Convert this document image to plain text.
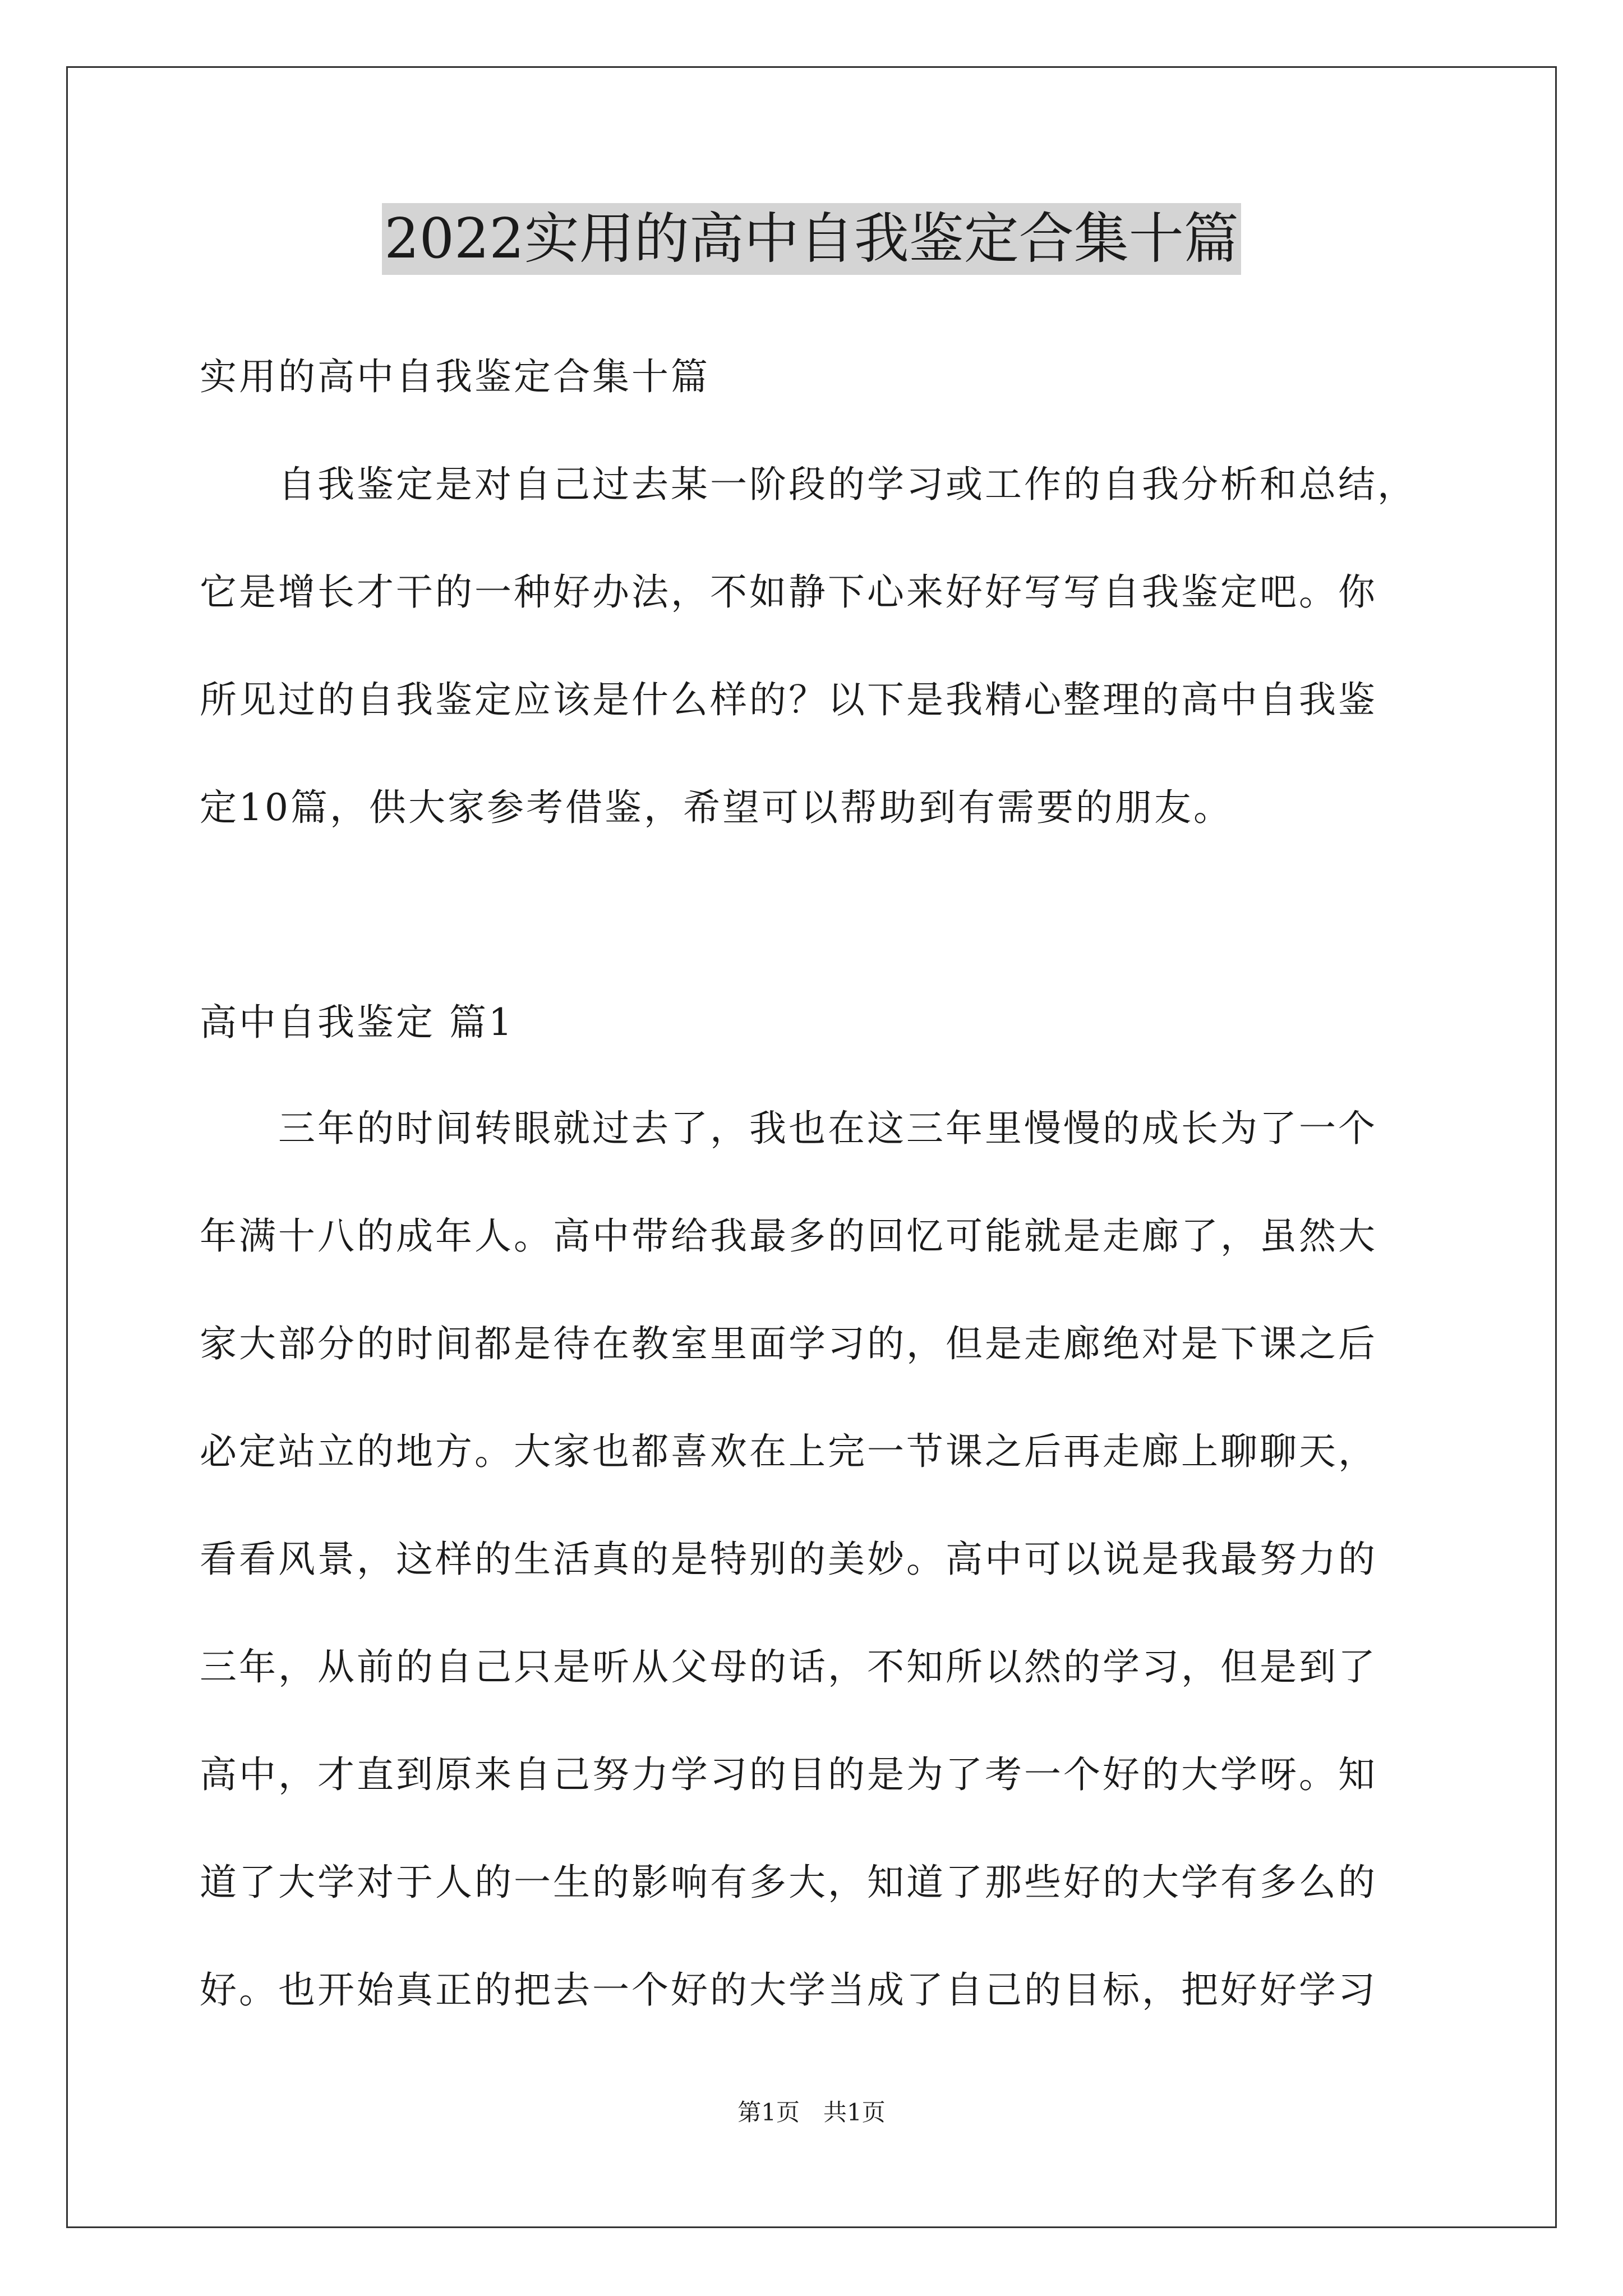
2022实用的高中自我鉴定合集十篇
实用的高中自我鉴定合集十篇
　　自我鉴定是对自己过去某一阶段的学习或工作的自我分析和总结，
它是增长才干的一种好办法，不如静下心来好好写写自我鉴定吧。你
所见过的自我鉴定应该是什么样的？以下是我精心整理的高中自我鉴
定10篇，供大家参考借鉴，希望可以帮助到有需要的朋友。
高中自我鉴定 篇1
　　三年的时间转眼就过去了，我也在这三年里慢慢的成长为了一个
年满十八的成年人。高中带给我最多的回忆可能就是走廊了，虽然大
家大部分的时间都是待在教室里面学习的，但是走廊绝对是下课之后
必定站立的地方。大家也都喜欢在上完一节课之后再走廊上聊聊天，
看看风景，这样的生活真的是特别的美妙。高中可以说是我最努力的
三年，从前的自己只是听从父母的话，不知所以然的学习，但是到了
高中，才直到原来自己努力学习的目的是为了考一个好的大学呀。知
道了大学对于人的一生的影响有多大，知道了那些好的大学有多么的
好。也开始真正的把去一个好的大学当成了自己的目标，把好好学习
第1页　共1页
